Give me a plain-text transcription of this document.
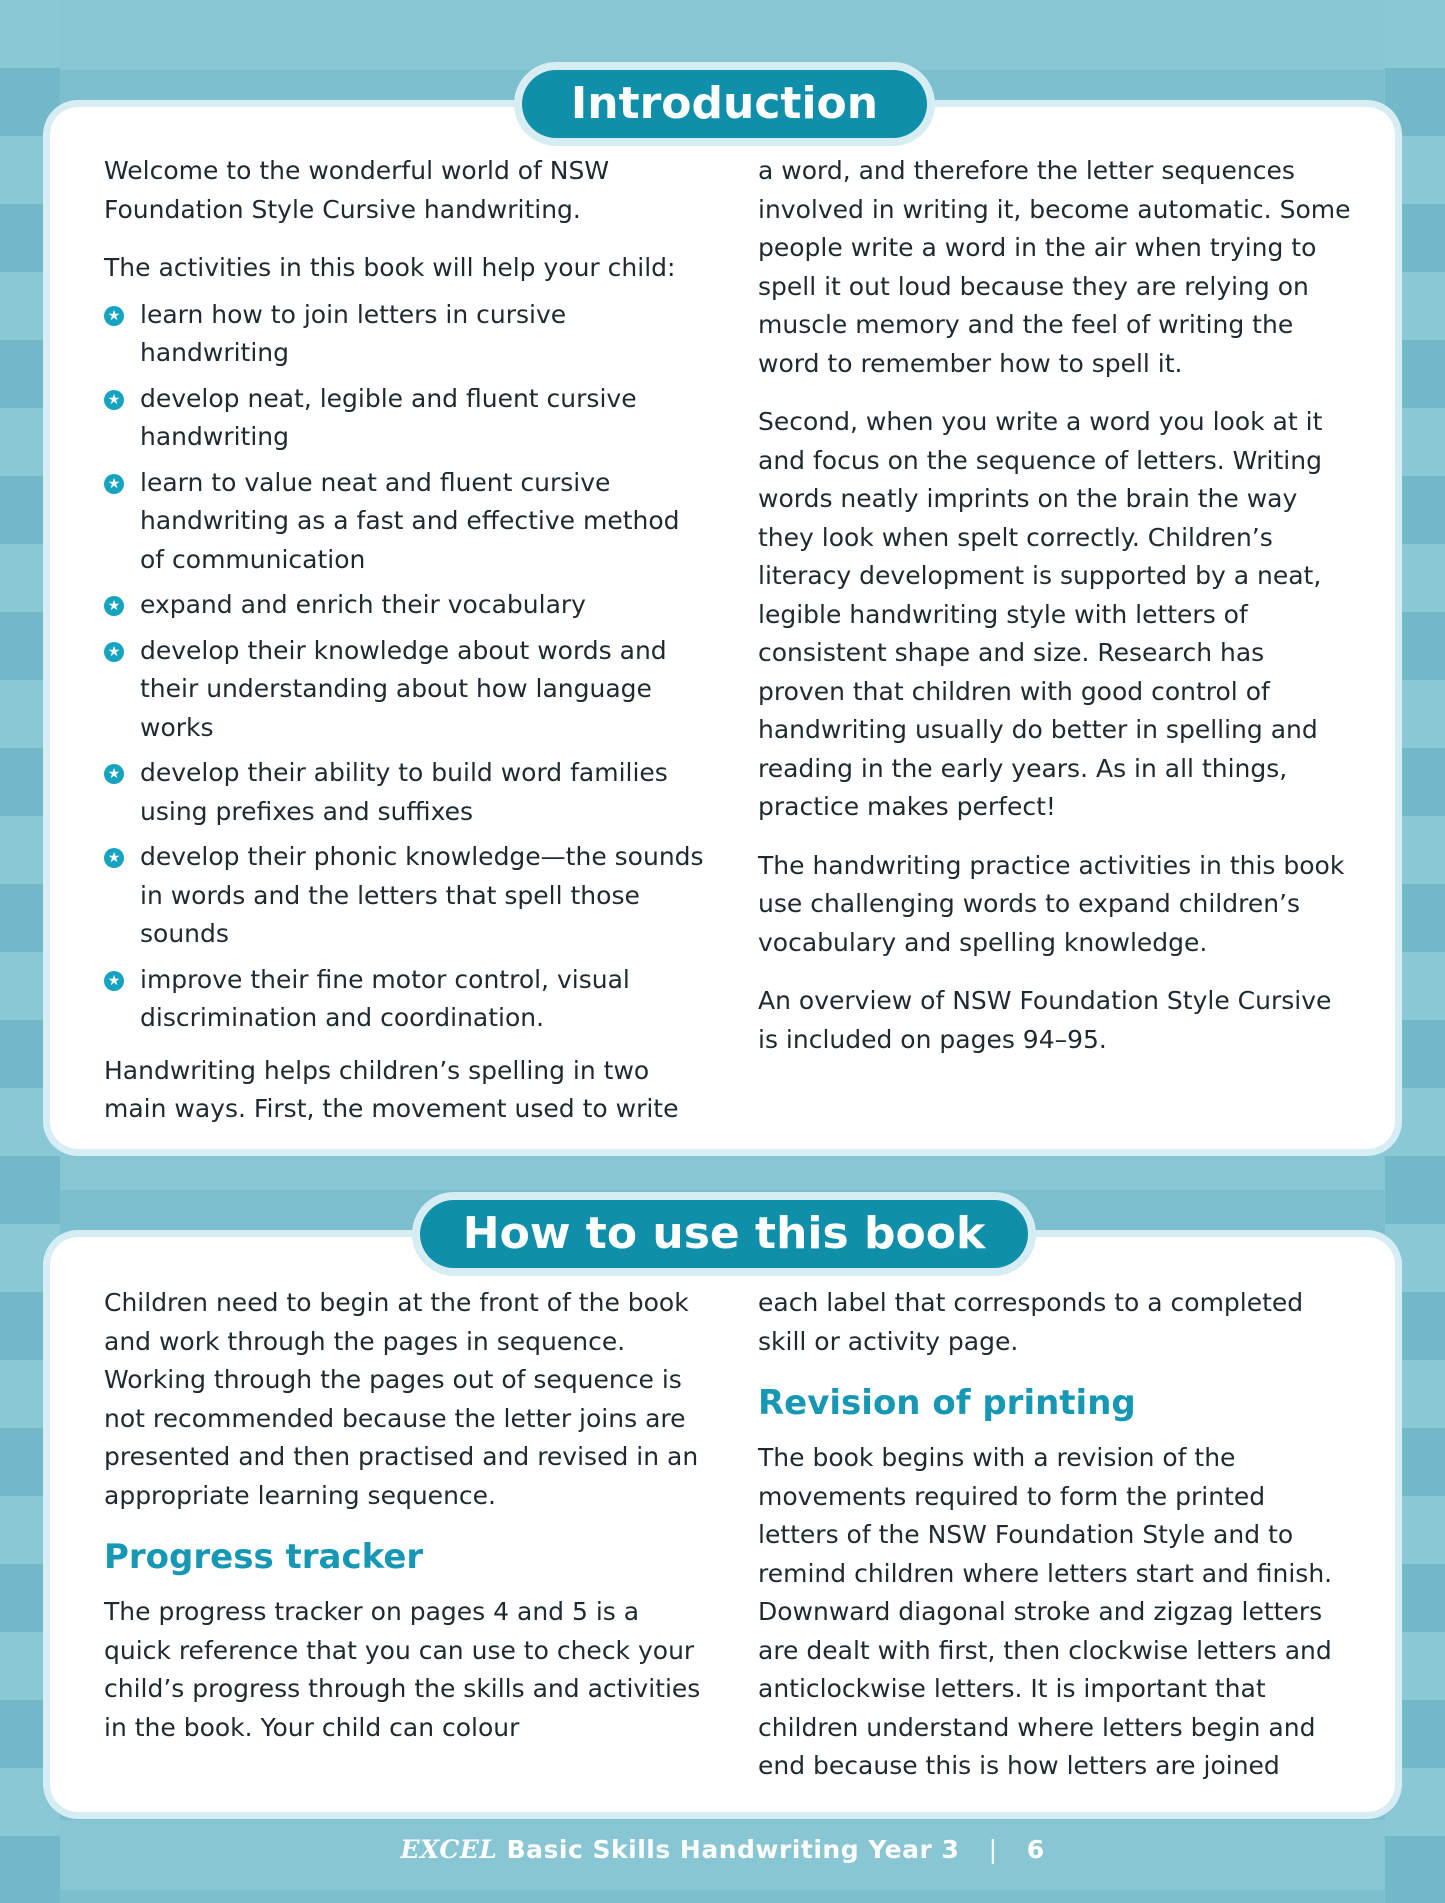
Introduction

Welcome to the wonderful world of NSW Foundation Style Cursive handwriting.

The activities in this book will help your child:

★ learn how to join letters in cursive handwriting
★ develop neat, legible and fluent cursive handwriting
★ learn to value neat and fluent cursive handwriting as a fast and effective method of communication
★ expand and enrich their vocabulary
★ develop their knowledge about words and their understanding about how language works
★ develop their ability to build word families using prefixes and suffixes
★ develop their phonic knowledge—the sounds in words and the letters that spell those sounds
★ improve their fine motor control, visual discrimination and coordination.

Handwriting helps children’s spelling in two main ways. First, the movement used to write

a word, and therefore the letter sequences involved in writing it, become automatic. Some people write a word in the air when trying to spell it out loud because they are relying on muscle memory and the feel of writing the word to remember how to spell it.

Second, when you write a word you look at it and focus on the sequence of letters. Writing words neatly imprints on the brain the way they look when spelt correctly. Children’s literacy development is supported by a neat, legible handwriting style with letters of consistent shape and size. Research has proven that children with good control of handwriting usually do better in spelling and reading in the early years. As in all things, practice makes perfect!

The handwriting practice activities in this book use challenging words to expand children’s vocabulary and spelling knowledge.

An overview of NSW Foundation Style Cursive is included on pages 94–95.

How to use this book

Children need to begin at the front of the book and work through the pages in sequence. Working through the pages out of sequence is not recommended because the letter joins are presented and then practised and revised in an appropriate learning sequence.

Progress tracker

The progress tracker on pages 4 and 5 is a quick reference that you can use to check your child’s progress through the skills and activities in the book. Your child can colour

each label that corresponds to a completed skill or activity page.

Revision of printing

The book begins with a revision of the movements required to form the printed letters of the NSW Foundation Style and to remind children where letters start and finish. Downward diagonal stroke and zigzag letters are dealt with first, then clockwise letters and anticlockwise letters. It is important that children understand where letters begin and end because this is how letters are joined

EXCEL Basic Skills Handwriting Year 3 | 6
